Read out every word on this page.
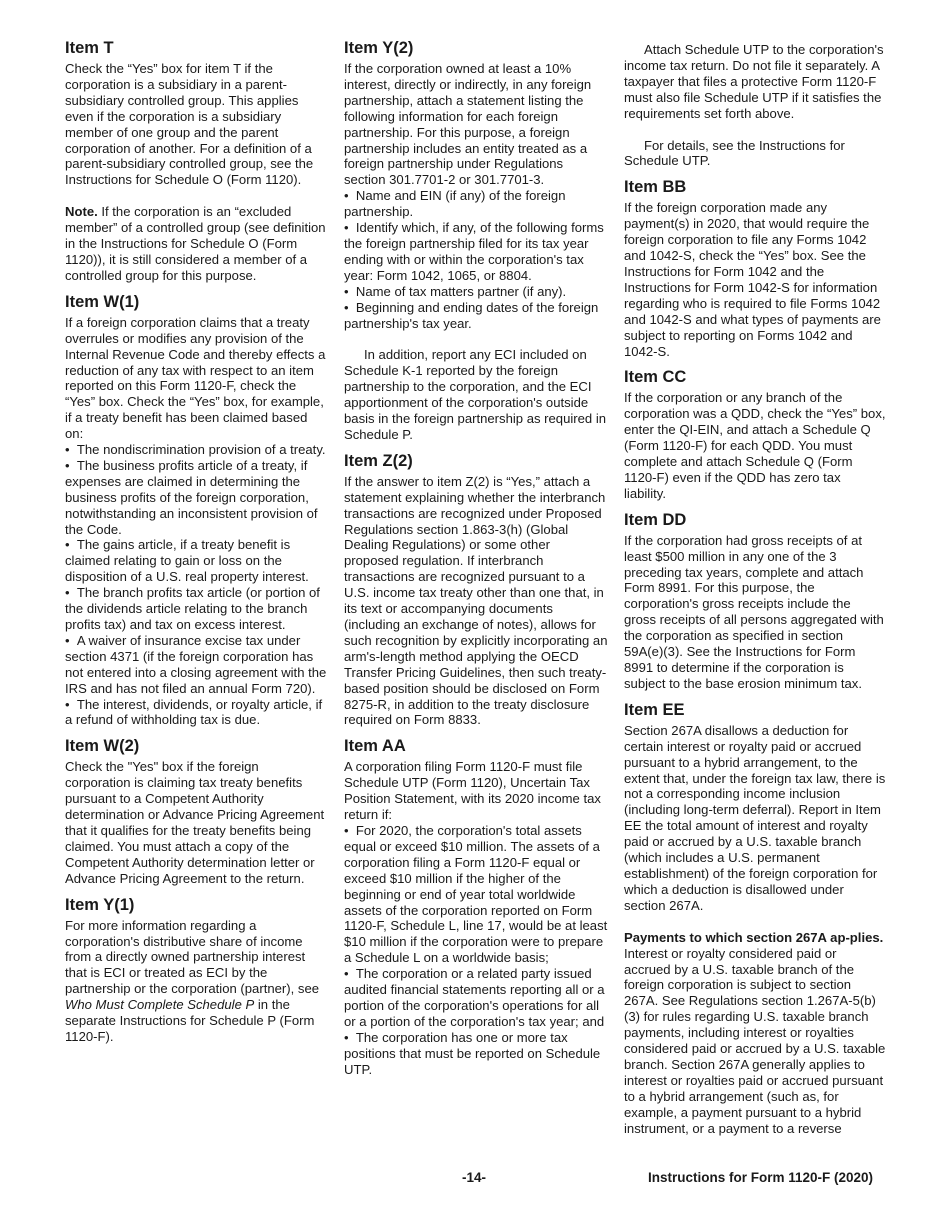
Item T

Check the “Yes” box for item T if the corporation is a subsidiary in a parent-subsidiary controlled group. This applies even if the corporation is a subsidiary member of one group and the parent corporation of another. For a definition of a parent-subsidiary controlled group, see the Instructions for Schedule O (Form 1120).

Note. If the corporation is an “excluded member” of a controlled group (see definition in the Instructions for Schedule O (Form 1120)), it is still considered a member of a controlled group for this purpose.

Item W(1)

If a foreign corporation claims that a treaty overrules or modifies any provision of the Internal Revenue Code and thereby effects a reduction of any tax with respect to an item reported on this Form 1120-F, check the “Yes” box. Check the “Yes” box, for example, if a treaty benefit has been claimed based on:

•  The nondiscrimination provision of a treaty.

•  The business profits article of a treaty, if expenses are claimed in determining the business profits of the foreign corporation, notwithstanding an inconsistent provision of the Code.

•  The gains article, if a treaty benefit is claimed relating to gain or loss on the disposition of a U.S. real property interest.

•  The branch profits tax article (or portion of the dividends article relating to the branch profits tax) and tax on excess interest.

•  A waiver of insurance excise tax under section 4371 (if the foreign corporation has not entered into a closing agreement with the IRS and has not filed an annual Form 720).

•  The interest, dividends, or royalty article, if a refund of withholding tax is due.

Item W(2)

Check the "Yes" box if the foreign corporation is claiming tax treaty benefits pursuant to a Competent Authority determination or Advance Pricing Agreement that it qualifies for the treaty benefits being claimed. You must attach a copy of the Competent Authority determination letter or Advance Pricing Agreement to the return.

Item Y(1)

For more information regarding a corporation's distributive share of income from a directly owned partnership interest that is ECI or treated as ECI by the partnership or the corporation (partner), see Who Must Complete Schedule P in the separate Instructions for Schedule P (Form 1120-F).

Item Y(2)

If the corporation owned at least a 10% interest, directly or indirectly, in any foreign partnership, attach a statement listing the following information for each foreign partnership. For this purpose, a foreign partnership includes an entity treated as a foreign partnership under Regulations section 301.7701-2 or 301.7701-3.

•  Name and EIN (if any) of the foreign partnership.

•  Identify which, if any, of the following forms the foreign partnership filed for its tax year ending with or within the corporation's tax year: Form 1042, 1065, or 8804.

•  Name of tax matters partner (if any).

•  Beginning and ending dates of the foreign partnership's tax year.

In addition, report any ECI included on Schedule K-1 reported by the foreign partnership to the corporation, and the ECI apportionment of the corporation's outside basis in the foreign partnership as required in Schedule P.

Item Z(2)

If the answer to item Z(2) is “Yes,” attach a statement explaining whether the interbranch transactions are recognized under Proposed Regulations section 1.863-3(h) (Global Dealing Regulations) or some other proposed regulation. If interbranch transactions are recognized pursuant to a U.S. income tax treaty other than one that, in its text or accompanying documents (including an exchange of notes), allows for such recognition by explicitly incorporating an arm's-length method applying the OECD Transfer Pricing Guidelines, then such treaty-based position should be disclosed on Form 8275-R, in addition to the treaty disclosure required on Form 8833.

Item AA

A corporation filing Form 1120-F must file Schedule UTP (Form 1120), Uncertain Tax Position Statement, with its 2020 income tax return if:

•  For 2020, the corporation's total assets equal or exceed $10 million. The assets of a corporation filing a Form 1120-F equal or exceed $10 million if the higher of the beginning or end of year total worldwide assets of the corporation reported on Form 1120-F, Schedule L, line 17, would be at least $10 million if the corporation were to prepare a Schedule L on a worldwide basis;

•  The corporation or a related party issued audited financial statements reporting all or a portion of the corporation's operations for all or a portion of the corporation's tax year; and

•  The corporation has one or more tax positions that must be reported on Schedule UTP.

Attach Schedule UTP to the corporation's income tax return. Do not file it separately. A taxpayer that files a protective Form 1120-F must also file Schedule UTP if it satisfies the requirements set forth above.

For details, see the Instructions for Schedule UTP.

Item BB

If the foreign corporation made any payment(s) in 2020, that would require the foreign corporation to file any Forms 1042 and 1042-S, check the “Yes” box. See the Instructions for Form 1042 and the Instructions for Form 1042-S for information regarding who is required to file Forms 1042 and 1042-S and what types of payments are subject to reporting on Forms 1042 and 1042-S.

Item CC

If the corporation or any branch of the corporation was a QDD, check the “Yes” box, enter the QI-EIN, and attach a Schedule Q (Form 1120-F) for each QDD. You must complete and attach Schedule Q (Form 1120-F) even if the QDD has zero tax liability.

Item DD

If the corporation had gross receipts of at least $500 million in any one of the 3 preceding tax years, complete and attach Form 8991. For this purpose, the corporation's gross receipts include the gross receipts of all persons aggregated with the corporation as specified in section 59A(e)(3). See the Instructions for Form 8991 to determine if the corporation is subject to the base erosion minimum tax.

Item EE

Section 267A disallows a deduction for certain interest or royalty paid or accrued pursuant to a hybrid arrangement, to the extent that, under the foreign tax law, there is not a corresponding income inclusion (including long-term deferral). Report in Item EE the total amount of interest and royalty paid or accrued by a U.S. taxable branch (which includes a U.S. permanent establishment) of the foreign corporation for which a deduction is disallowed under section 267A.

Payments to which section 267A ap-plies. Interest or royalty considered paid or accrued by a U.S. taxable branch of the foreign corporation is subject to section 267A. See Regulations section 1.267A-5(b)(3) for rules regarding U.S. taxable branch payments, including interest or royalties considered paid or accrued by a U.S. taxable branch. Section 267A generally applies to interest or royalties paid or accrued pursuant to a hybrid arrangement (such as, for example, a payment pursuant to a hybrid instrument, or a payment to a reverse

-14-	Instructions for Form 1120-F (2020)
